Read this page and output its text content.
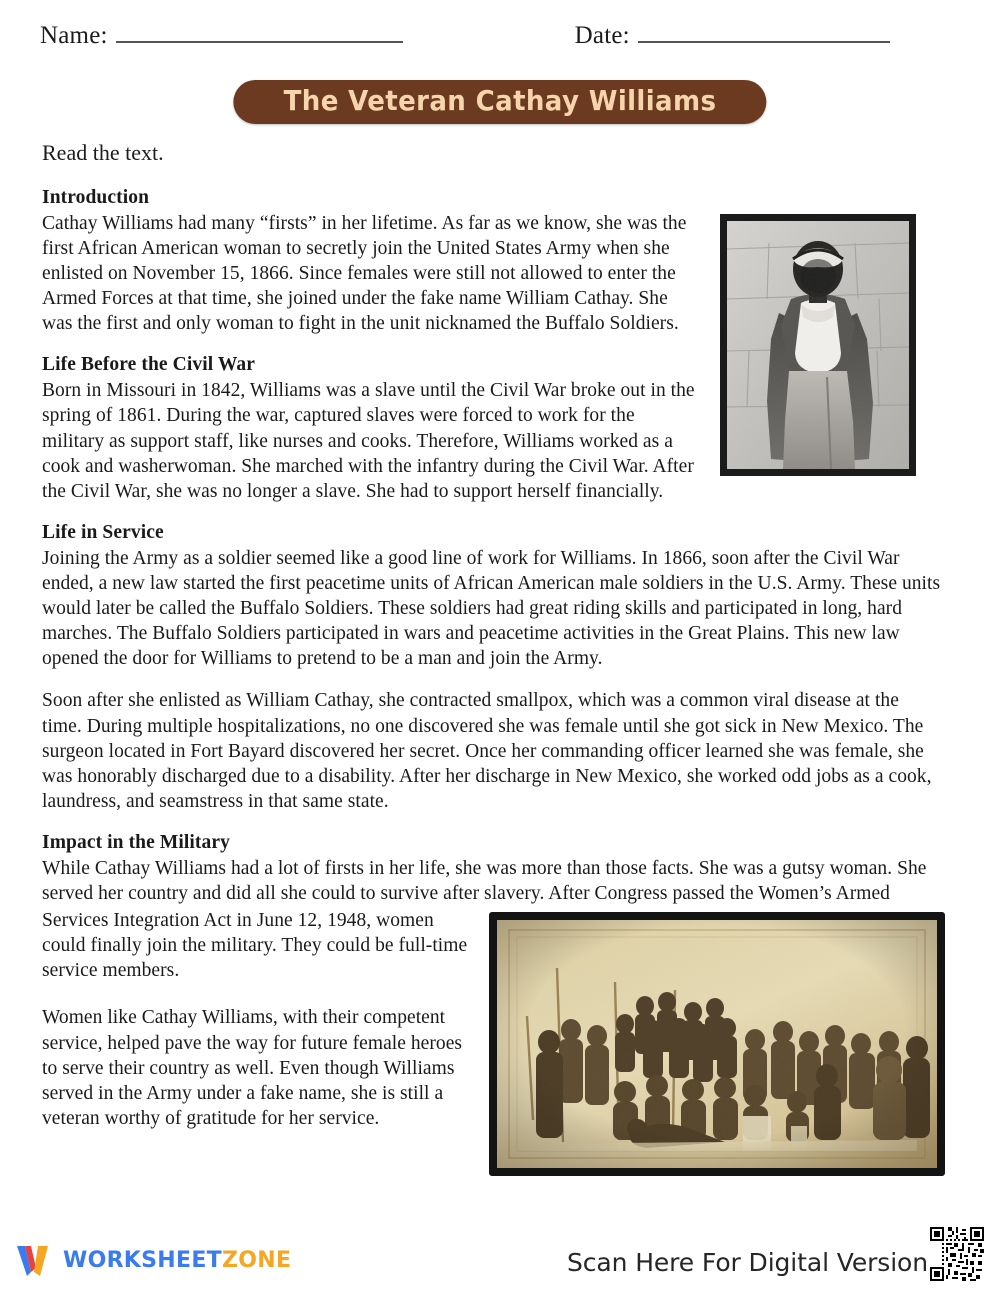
Name:	Date:
The Veteran Cathay Williams
Read the text.
Introduction

Cathay Williams had many “firsts” in her lifetime. As far as we know, she was the first African American woman to secretly join the United States Army when she enlisted on November 15, 1866. Since females were still not allowed to enter the Armed Forces at that time, she joined under the fake name William Cathay. She was the first and only woman to fight in the unit nicknamed the Buffalo Soldiers.

Life Before the Civil War

Born in Missouri in 1842, Williams was a slave until the Civil War broke out in the spring of 1861. During the war, captured slaves were forced to work for the military as support staff, like nurses and cooks. Therefore, Williams worked as a cook and washerwoman. She marched with the infantry during the Civil War. After the Civil War, she was no longer a slave. She had to support herself financially.

Life in Service

Joining the Army as a soldier seemed like a good line of work for Williams. In 1866, soon after the Civil War ended, a new law started the first peacetime units of African American male soldiers in the U.S. Army. These units would later be called the Buffalo Soldiers. These soldiers had great riding skills and participated in long, hard marches. The Buffalo Soldiers participated in wars and peacetime activities in the Great Plains. This new law opened the door for Williams to pretend to be a man and join the Army.

Soon after she enlisted as William Cathay, she contracted smallpox, which was a common viral disease at the time. During multiple hospitalizations, no one discovered she was female until she got sick in New Mexico. The surgeon located in Fort Bayard discovered her secret. Once her commanding officer learned she was female, she was honorably discharged due to a disability. After her discharge in New Mexico, she worked odd jobs as a cook, laundress, and seamstress in that same state.

Impact in the Military

While Cathay Williams had a lot of firsts in her life, she was more than those facts. She was a gutsy woman. She served her country and did all she could to survive after slavery. After Congress passed the Women’s Armed

Services Integration Act in June 12, 1948, women could finally join the military. They could be full-time service members.

Women like Cathay Williams, with their competent service, helped pave the way for future female heroes to serve their country as well. Even though Williams served in the Army under a fake name, she is still a veteran worthy of gratitude for her service.

WORKSHEETZONE	Scan Here For Digital Version
